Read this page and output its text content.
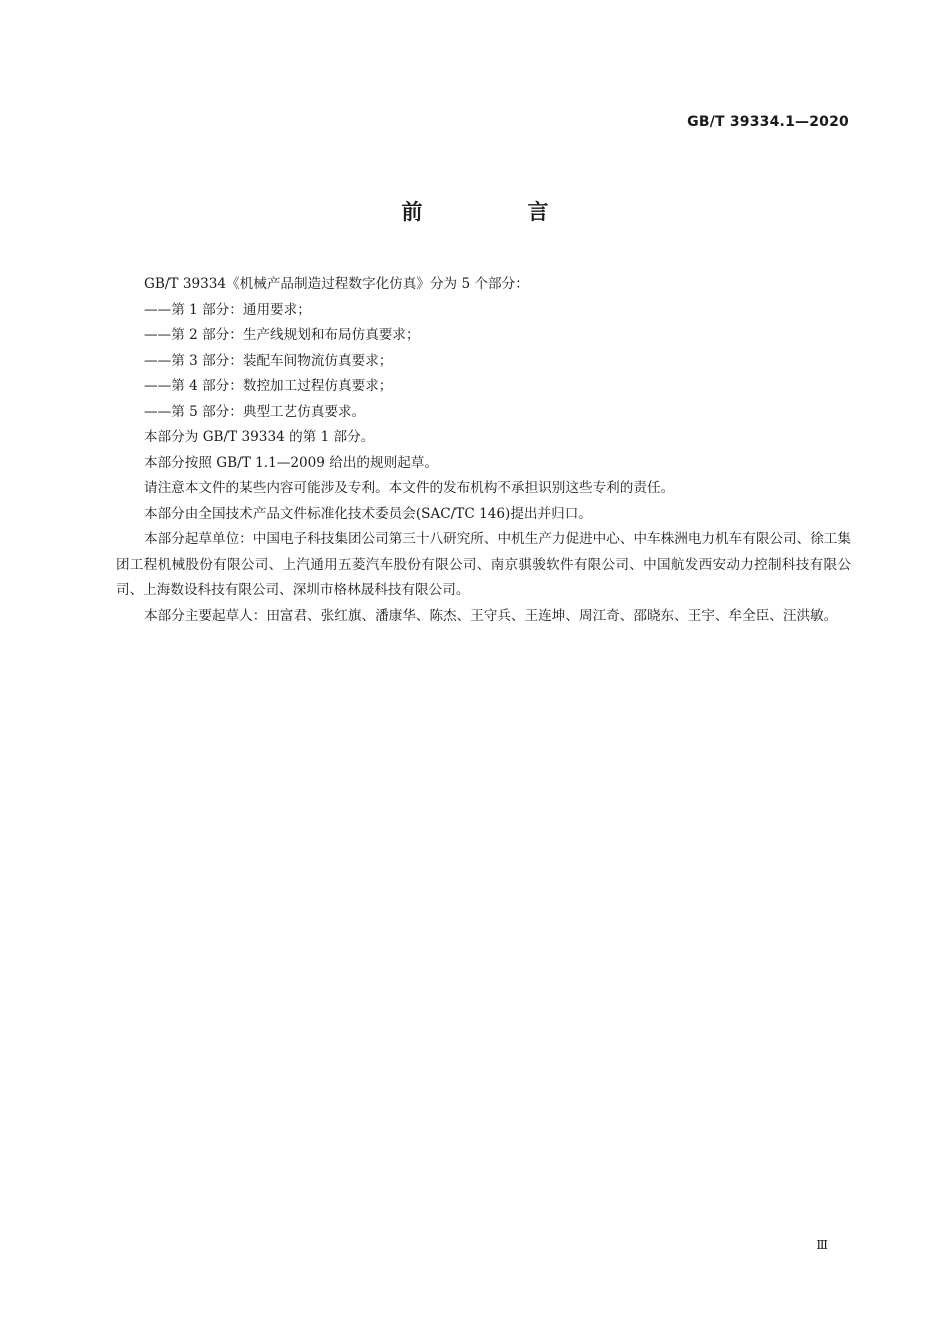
GB/T 39334.1—2020
前　言

GB/T 39334《机械产品制造过程数字化仿真》分为 5 个部分：

——第 1 部分：通用要求；

——第 2 部分：生产线规划和布局仿真要求；

——第 3 部分：装配车间物流仿真要求；

——第 4 部分：数控加工过程仿真要求；

——第 5 部分：典型工艺仿真要求。

本部分为 GB/T 39334 的第 1 部分。

本部分按照 GB/T 1.1—2009 给出的规则起草。

请注意本文件的某些内容可能涉及专利。本文件的发布机构不承担识别这些专利的责任。

本部分由全国技术产品文件标准化技术委员会(SAC/TC 146)提出并归口。

本部分起草单位：中国电子科技集团公司第三十八研究所、中机生产力促进中心、中车株洲电力机车有限公司、徐工集团工程机械股份有限公司、上汽通用五菱汽车股份有限公司、南京骐骏软件有限公司、中国航发西安动力控制科技有限公司、上海数设科技有限公司、深圳市格林晟科技有限公司。

本部分主要起草人：田富君、张红旗、潘康华、陈杰、王守兵、王连坤、周江奇、邵晓东、王宇、牟全臣、汪洪敏。

Ⅲ
